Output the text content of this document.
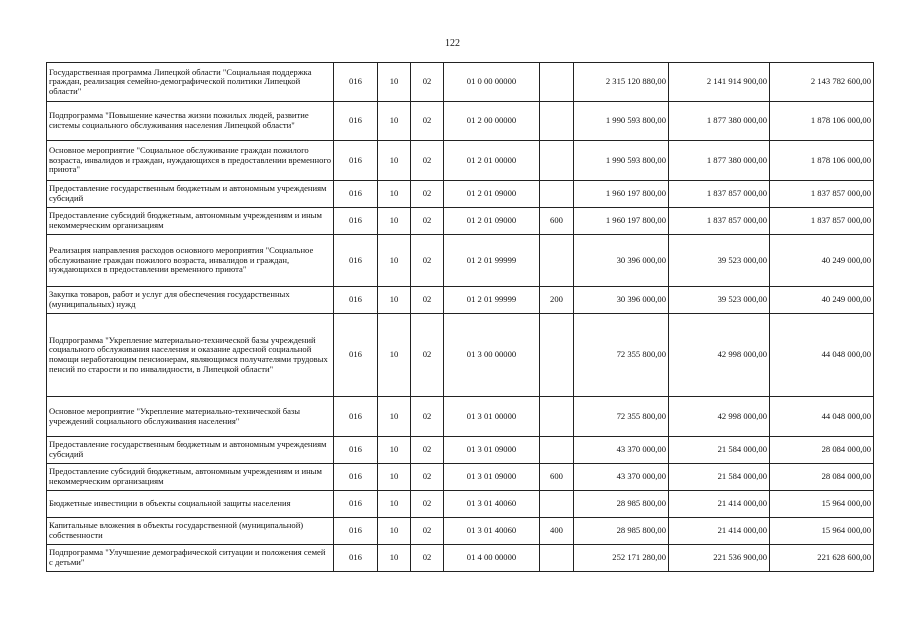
122
Государственная программа Липецкой области "Социальная поддержка граждан, реализация семейно-демографической политики Липецкой области"	016	10	02	01 0 00 00000		2 315 120 880,00	2 141 914 900,00	2 143 782 600,00
Подпрограмма "Повышение качества жизни пожилых людей, развитие системы социального обслуживания населения Липецкой области"	016	10	02	01 2 00 00000		1 990 593 800,00	1 877 380 000,00	1 878 106 000,00
Основное мероприятие "Социальное обслуживание граждан пожилого возраста, инвалидов и граждан, нуждающихся в предоставлении временного приюта"	016	10	02	01 2 01 00000		1 990 593 800,00	1 877 380 000,00	1 878 106 000,00
Предоставление государственным бюджетным и автономным учреждениям субсидий	016	10	02	01 2 01 09000		1 960 197 800,00	1 837 857 000,00	1 837 857 000,00
Предоставление субсидий бюджетным, автономным учреждениям и иным некоммерческим организациям	016	10	02	01 2 01 09000	600	1 960 197 800,00	1 837 857 000,00	1 837 857 000,00
Реализация направления расходов основного мероприятия "Социальное обслуживание граждан пожилого возраста, инвалидов и граждан, нуждающихся в предоставлении временного приюта"	016	10	02	01 2 01 99999		30 396 000,00	39 523 000,00	40 249 000,00
Закупка товаров, работ и услуг для обеспечения государственных (муниципальных) нужд	016	10	02	01 2 01 99999	200	30 396 000,00	39 523 000,00	40 249 000,00
Подпрограмма "Укрепление материально-технической базы учреждений социального обслуживания населения и оказание адресной социальной помощи неработающим пенсионерам, являющимся получателями трудовых пенсий по старости и по инвалидности, в Липецкой области"	016	10	02	01 3 00 00000		72 355 800,00	42 998 000,00	44 048 000,00
Основное мероприятие "Укрепление материально-технической базы учреждений социального обслуживания населения"	016	10	02	01 3 01 00000		72 355 800,00	42 998 000,00	44 048 000,00
Предоставление государственным бюджетным и автономным учреждениям субсидий	016	10	02	01 3 01 09000		43 370 000,00	21 584 000,00	28 084 000,00
Предоставление субсидий бюджетным, автономным учреждениям и иным некоммерческим организациям	016	10	02	01 3 01 09000	600	43 370 000,00	21 584 000,00	28 084 000,00
Бюджетные инвестиции в объекты социальной защиты населения	016	10	02	01 3 01 40060		28 985 800,00	21 414 000,00	15 964 000,00
Капитальные вложения в объекты государственной (муниципальной) собственности	016	10	02	01 3 01 40060	400	28 985 800,00	21 414 000,00	15 964 000,00
Подпрограмма "Улучшение демографической ситуации и положения семей с детьми"	016	10	02	01 4 00 00000		252 171 280,00	221 536 900,00	221 628 600,00
